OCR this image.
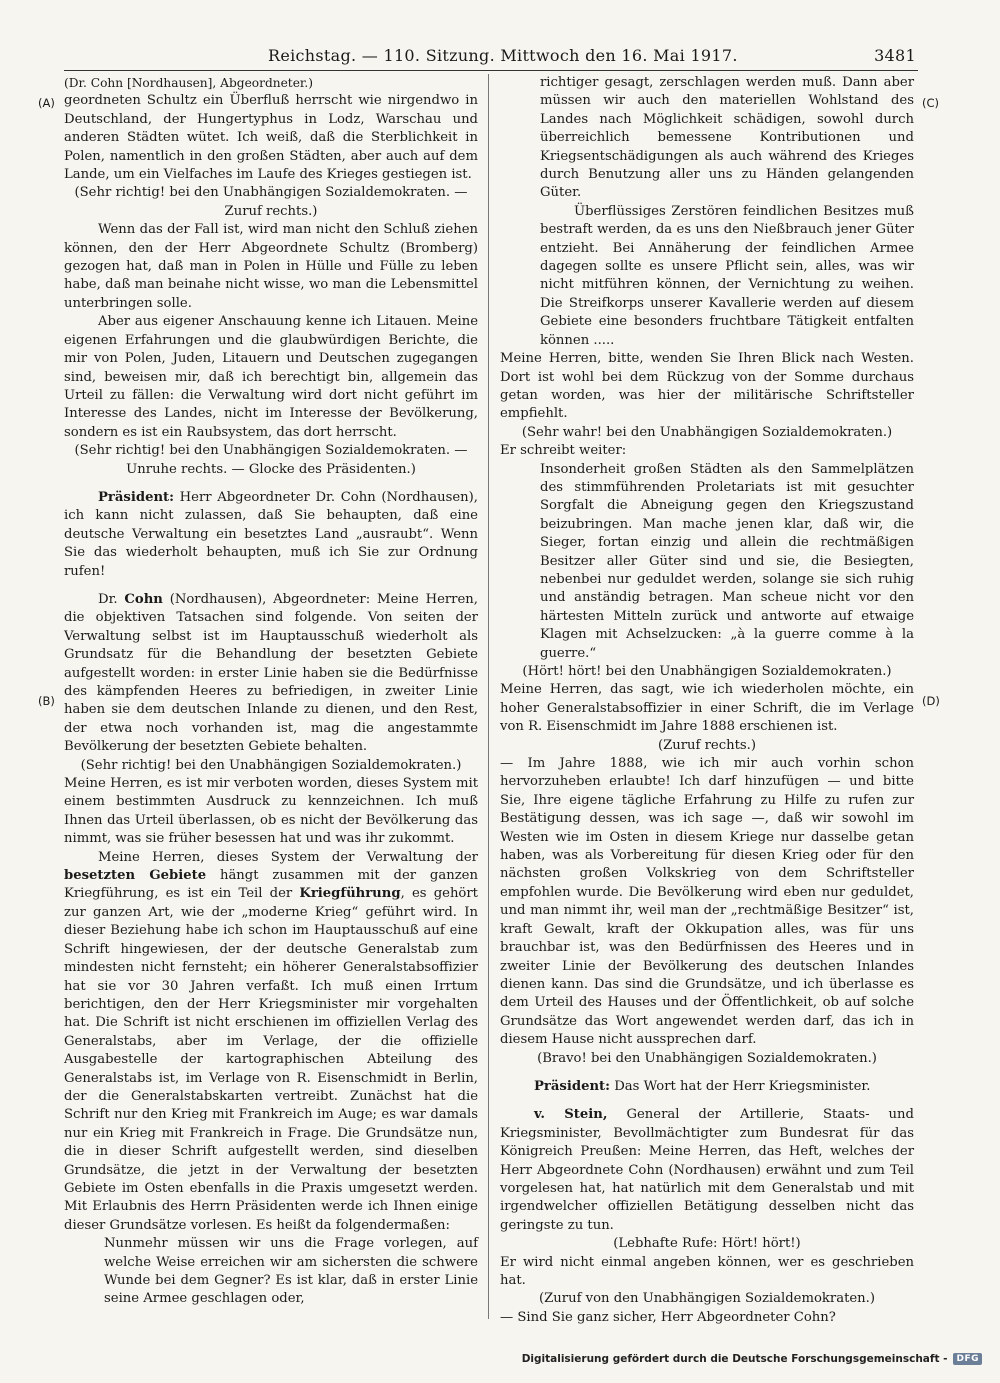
Reichstag. — 110. Sitzung. Mittwoch den 16. Mai 1917.	3481
(A)
(B)
(C)
(D)

(Dr. Cohn [Nordhausen], Abgeordneter.)

geordneten Schultz ein Überfluß herrscht wie nirgendwo in Deutschland, der Hungertyphus in Lodz, Warschau und anderen Städten wütet. Ich weiß, daß die Sterblichkeit in Polen, namentlich in den großen Städten, aber auch auf dem Lande, um ein Vielfaches im Laufe des Krieges gestiegen ist.

(Sehr richtig! bei den Unabhängigen Sozialdemokraten. — Zuruf rechts.)

Wenn das der Fall ist, wird man nicht den Schluß ziehen können, den der Herr Abgeordnete Schultz (Bromberg) gezogen hat, daß man in Polen in Hülle und Fülle zu leben habe, daß man beinahe nicht wisse, wo man die Lebensmittel unterbringen solle.

Aber aus eigener Anschauung kenne ich Litauen. Meine eigenen Erfahrungen und die glaubwürdigen Berichte, die mir von Polen, Juden, Litauern und Deutschen zugegangen sind, beweisen mir, daß ich berechtigt bin, allgemein das Urteil zu fällen: die Verwaltung wird dort nicht geführt im Interesse des Landes, nicht im Interesse der Bevölkerung, sondern es ist ein Raubsystem, das dort herrscht.

(Sehr richtig! bei den Unabhängigen Sozialdemokraten. — Unruhe rechts. — Glocke des Präsidenten.)

Präsident: Herr Abgeordneter Dr. Cohn (Nordhausen), ich kann nicht zulassen, daß Sie behaupten, daß eine deutsche Verwaltung ein besetztes Land „ausraubt“. Wenn Sie das wiederholt behaupten, muß ich Sie zur Ordnung rufen!

Dr. Cohn (Nordhausen), Abgeordneter: Meine Herren, die objektiven Tatsachen sind folgende. Von seiten der Verwaltung selbst ist im Hauptausschuß wiederholt als Grundsatz für die Behandlung der besetzten Gebiete aufgestellt worden: in erster Linie haben sie die Bedürfnisse des kämpfenden Heeres zu befriedigen, in zweiter Linie haben sie dem deutschen Inlande zu dienen, und den Rest, der etwa noch vorhanden ist, mag die angestammte Bevölkerung der besetzten Gebiete behalten.

(Sehr richtig! bei den Unabhängigen Sozialdemokraten.)

Meine Herren, es ist mir verboten worden, dieses System mit einem bestimmten Ausdruck zu kennzeichnen. Ich muß Ihnen das Urteil überlassen, ob es nicht der Bevölkerung das nimmt, was sie früher besessen hat und was ihr zukommt.

Meine Herren, dieses System der Verwaltung der besetzten Gebiete hängt zusammen mit der ganzen Kriegführung, es ist ein Teil der Kriegführung, es gehört zur ganzen Art, wie der „moderne Krieg“ geführt wird. In dieser Beziehung habe ich schon im Hauptausschuß auf eine Schrift hingewiesen, der der deutsche Generalstab zum mindesten nicht fernsteht; ein höherer Generalstabsoffizier hat sie vor 30 Jahren verfaßt. Ich muß einen Irrtum berichtigen, den der Herr Kriegsminister mir vorgehalten hat. Die Schrift ist nicht erschienen im offiziellen Verlag des Generalstabs, aber im Verlage, der die offizielle Ausgabestelle der kartographischen Abteilung des Generalstabs ist, im Verlage von R. Eisenschmidt in Berlin, der die Generalstabskarten vertreibt. Zunächst hat die Schrift nur den Krieg mit Frankreich im Auge; es war damals nur ein Krieg mit Frankreich in Frage. Die Grundsätze nun, die in dieser Schrift aufgestellt werden, sind dieselben Grundsätze, die jetzt in der Verwaltung der besetzten Gebiete im Osten ebenfalls in die Praxis umgesetzt werden. Mit Erlaubnis des Herrn Präsidenten werde ich Ihnen einige dieser Grundsätze vorlesen. Es heißt da folgendermaßen:

Nunmehr müssen wir uns die Frage vorlegen, auf welche Weise erreichen wir am sichersten die schwere Wunde bei dem Gegner? Es ist klar, daß in erster Linie seine Armee geschlagen oder,

richtiger gesagt, zerschlagen werden muß. Dann aber müssen wir auch den materiellen Wohlstand des Landes nach Möglichkeit schädigen, sowohl durch überreichlich bemessene Kontributionen und Kriegsentschädigungen als auch während des Krieges durch Benutzung aller uns zu Händen gelangenden Güter.

Überflüssiges Zerstören feindlichen Besitzes muß bestraft werden, da es uns den Nießbrauch jener Güter entzieht. Bei Annäherung der feindlichen Armee dagegen sollte es unsere Pflicht sein, alles, was wir nicht mitführen können, der Vernichtung zu weihen. Die Streifkorps unserer Kavallerie werden auf diesem Gebiete eine besonders fruchtbare Tätigkeit entfalten können .....

Meine Herren, bitte, wenden Sie Ihren Blick nach Westen. Dort ist wohl bei dem Rückzug von der Somme durchaus getan worden, was hier der militärische Schriftsteller empfiehlt.

(Sehr wahr! bei den Unabhängigen Sozialdemokraten.)

Er schreibt weiter:

Insonderheit großen Städten als den Sammelplätzen des stimmführenden Proletariats ist mit gesuchter Sorgfalt die Abneigung gegen den Kriegszustand beizubringen. Man mache jenen klar, daß wir, die Sieger, fortan einzig und allein die rechtmäßigen Besitzer aller Güter sind und sie, die Besiegten, nebenbei nur geduldet werden, solange sie sich ruhig und anständig betragen. Man scheue nicht vor den härtesten Mitteln zurück und antworte auf etwaige Klagen mit Achselzucken: „à la guerre comme à la guerre.“

(Hört! hört! bei den Unabhängigen Sozialdemokraten.)

Meine Herren, das sagt, wie ich wiederholen möchte, ein hoher Generalstabsoffizier in einer Schrift, die im Verlage von R. Eisenschmidt im Jahre 1888 erschienen ist.

(Zuruf rechts.)

— Im Jahre 1888, wie ich mir auch vorhin schon hervorzuheben erlaubte! Ich darf hinzufügen — und bitte Sie, Ihre eigene tägliche Erfahrung zu Hilfe zu rufen zur Bestätigung dessen, was ich sage —, daß wir sowohl im Westen wie im Osten in diesem Kriege nur dasselbe getan haben, was als Vorbereitung für diesen Krieg oder für den nächsten großen Volkskrieg von dem Schriftsteller empfohlen wurde. Die Bevölkerung wird eben nur geduldet, und man nimmt ihr, weil man der „rechtmäßige Besitzer“ ist, kraft Gewalt, kraft der Okkupation alles, was für uns brauchbar ist, was den Bedürfnissen des Heeres und in zweiter Linie der Bevölkerung des deutschen Inlandes dienen kann. Das sind die Grundsätze, und ich überlasse es dem Urteil des Hauses und der Öffentlichkeit, ob auf solche Grundsätze das Wort angewendet werden darf, das ich in diesem Hause nicht aussprechen darf.

(Bravo! bei den Unabhängigen Sozialdemokraten.)

Präsident: Das Wort hat der Herr Kriegsminister.

v. Stein, General der Artillerie, Staats- und Kriegsminister, Bevollmächtigter zum Bundesrat für das Königreich Preußen: Meine Herren, das Heft, welches der Herr Abgeordnete Cohn (Nordhausen) erwähnt und zum Teil vorgelesen hat, hat natürlich mit dem Generalstab und mit irgendwelcher offiziellen Betätigung desselben nicht das geringste zu tun.

(Lebhafte Rufe: Hört! hört!)

Er wird nicht einmal angeben können, wer es geschrieben hat.

(Zuruf von den Unabhängigen Sozialdemokraten.)

— Sind Sie ganz sicher, Herr Abgeordneter Cohn?

Digitalisierung gefördert durch die Deutsche Forschungsgemeinschaft -	DFG
